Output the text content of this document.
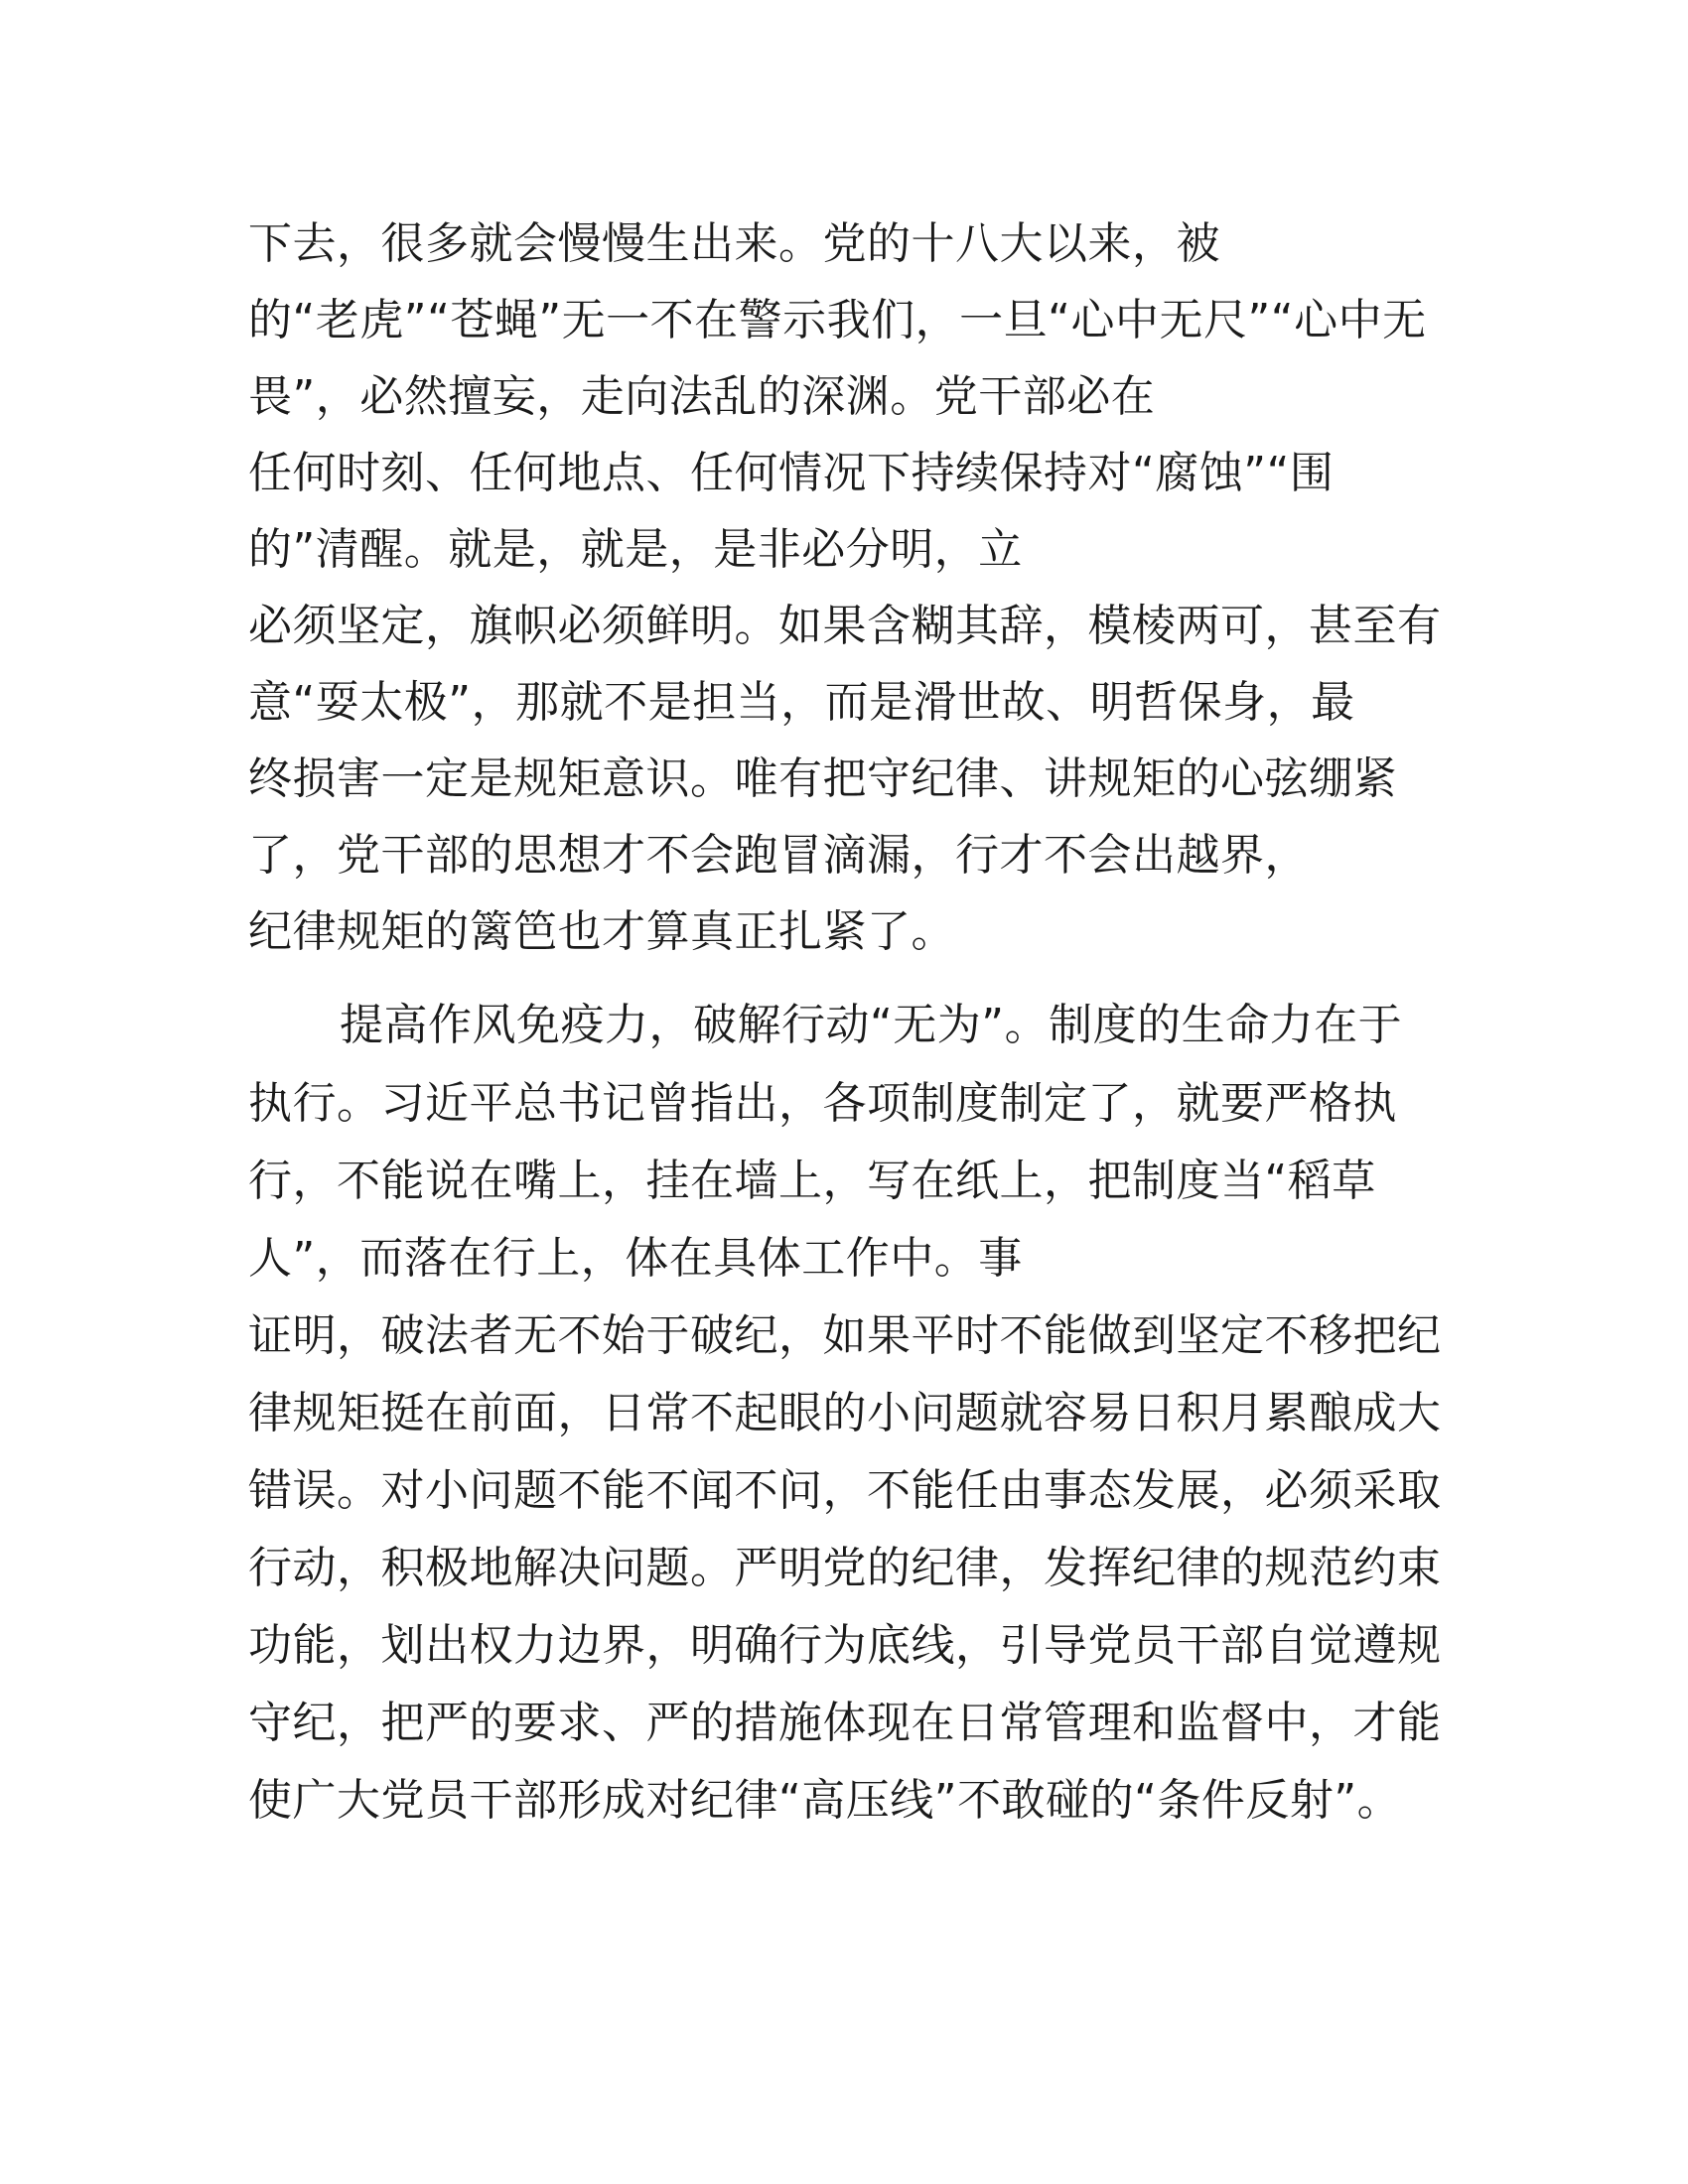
下去，很多就会慢慢生出来。党的十八大以来，被
的“老虎”“苍蝇”无一不在警示我们，一旦“心中无尺”“心中无
畏”，必然擅妄，走向法乱的深渊。党干部必在
任何时刻、任何地点、任何情况下持续保持对“腐蚀”“围
的”清醒。就是，就是，是非必分明，立
必须坚定，旗帜必须鲜明。如果含糊其辞，模棱两可，甚至有
意“耍太极”，那就不是担当，而是滑世故、明哲保身，最
终损害一定是规矩意识。唯有把守纪律、讲规矩的心弦绷紧
了，党干部的思想才不会跑冒滴漏，行才不会出越界，
纪律规矩的篱笆也才算真正扎紧了。
提高作风免疫力，破解行动“无为”。制度的生命力在于
执行。习近平总书记曾指出，各项制度制定了，就要严格执
行，不能说在嘴上，挂在墙上，写在纸上，把制度当“稻草
人”，而落在行上，体在具体工作中。事
证明，破法者无不始于破纪，如果平时不能做到坚定不移把纪
律规矩挺在前面，日常不起眼的小问题就容易日积月累酿成大
错误。对小问题不能不闻不问，不能任由事态发展，必须采取
行动，积极地解决问题。严明党的纪律，发挥纪律的规范约束
功能，划出权力边界，明确行为底线，引导党员干部自觉遵规
守纪，把严的要求、严的措施体现在日常管理和监督中，才能
使广大党员干部形成对纪律“高压线”不敢碰的“条件反射”。
